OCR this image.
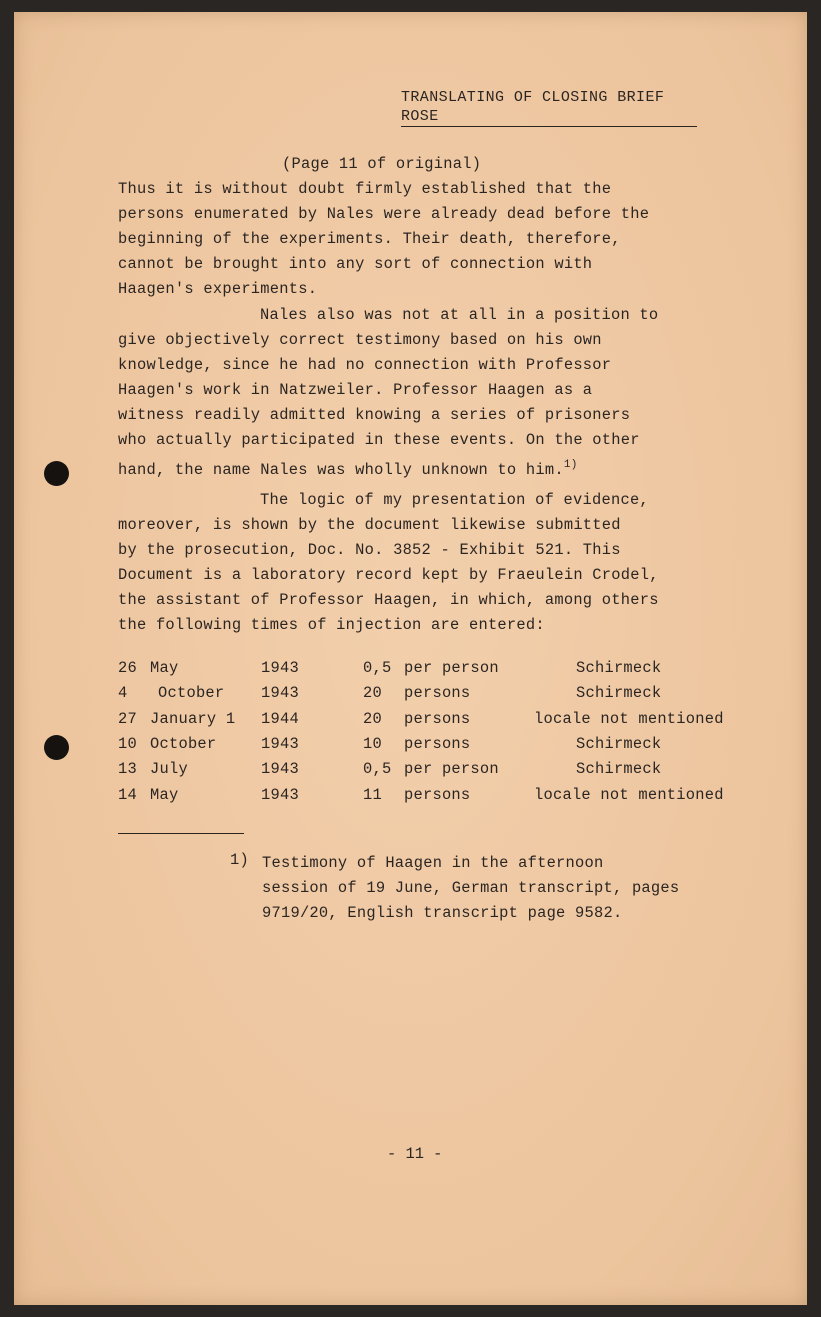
TRANSLATING OF CLOSING BRIEF
ROSE
(Page 11 of original)
Thus it is without doubt firmly established that the
persons enumerated by Nales were already dead before the
beginning of the experiments. Their death, therefore,
cannot be brought into any sort of connection with
Haagen's experiments.
Nales also was not at all in a position to
give objectively correct testimony based on his own
knowledge, since he had no connection with Professor
Haagen's work in Natzweiler. Professor Haagen as a
witness readily admitted knowing a series of prisoners
who actually participated in these events. On the other
hand, the name Nales was wholly unknown to him.$^{1)}$
The logic of my presentation of evidence,
moreover, is shown by the document likewise submitted
by the prosecution, Doc. No. 3852 - Exhibit 521. This
Document is a laboratory record kept by Fraeulein Crodel,
the assistant of Professor Haagen, in which, among others
the following times of injection are entered:
26 May	1943	0,5 per person	Schirmeck
4 October 1943	20 persons	Schirmeck
27 January 1 1944	20 persons	locale not mentioned
10 October	1943	10 persons	Schirmeck
13 July	1943	0,5 per person	Schirmeck
14 May	1943	11 persons	locale not mentioned
1) Testimony of Haagen in the afternoon
session of 19 June, German transcript, pages
9719/20, English transcript page 9582.
- 11 -
